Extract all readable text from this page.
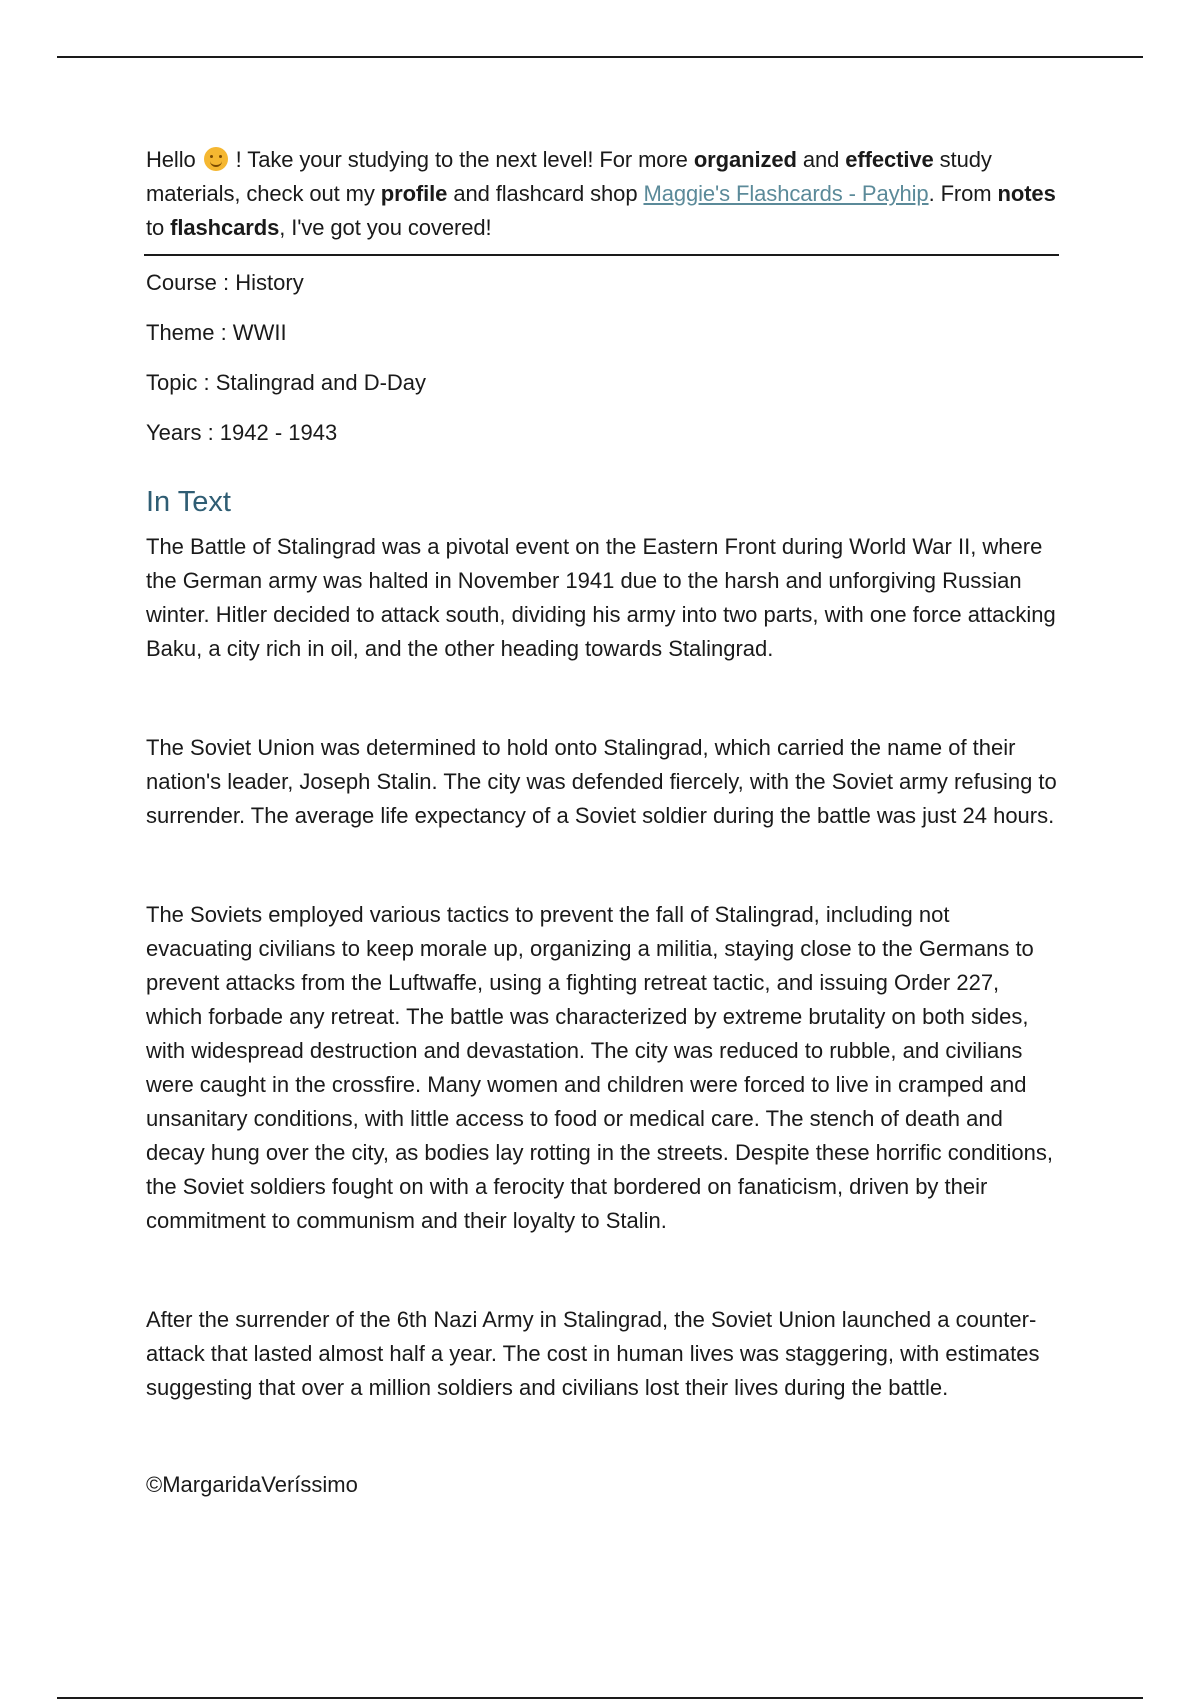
Hello ! Take your studying to the next level! For more organized and effective study materials, check out my profile and flashcard shop Maggie's Flashcards - Payhip. From notes to flashcards, I've got you covered!

Course : History

Theme : WWII

Topic : Stalingrad and D-Day

Years : 1942 - 1943

In Text

The Battle of Stalingrad was a pivotal event on the Eastern Front during World War II, where the German army was halted in November 1941 due to the harsh and unforgiving Russian winter. Hitler decided to attack south, dividing his army into two parts, with one force attacking Baku, a city rich in oil, and the other heading towards Stalingrad.

The Soviet Union was determined to hold onto Stalingrad, which carried the name of their nation's leader, Joseph Stalin. The city was defended fiercely, with the Soviet army refusing to surrender. The average life expectancy of a Soviet soldier during the battle was just 24 hours.

The Soviets employed various tactics to prevent the fall of Stalingrad, including not evacuating civilians to keep morale up, organizing a militia, staying close to the Germans to prevent attacks from the Luftwaffe, using a fighting retreat tactic, and issuing Order 227, which forbade any retreat. The battle was characterized by extreme brutality on both sides, with widespread destruction and devastation. The city was reduced to rubble, and civilians were caught in the crossfire. Many women and children were forced to live in cramped and unsanitary conditions, with little access to food or medical care. The stench of death and decay hung over the city, as bodies lay rotting in the streets. Despite these horrific conditions, the Soviet soldiers fought on with a ferocity that bordered on fanaticism, driven by their commitment to communism and their loyalty to Stalin.

After the surrender of the 6th Nazi Army in Stalingrad, the Soviet Union launched a counter-attack that lasted almost half a year. The cost in human lives was staggering, with estimates suggesting that over a million soldiers and civilians lost their lives during the battle.

©MargaridaVeríssimo
